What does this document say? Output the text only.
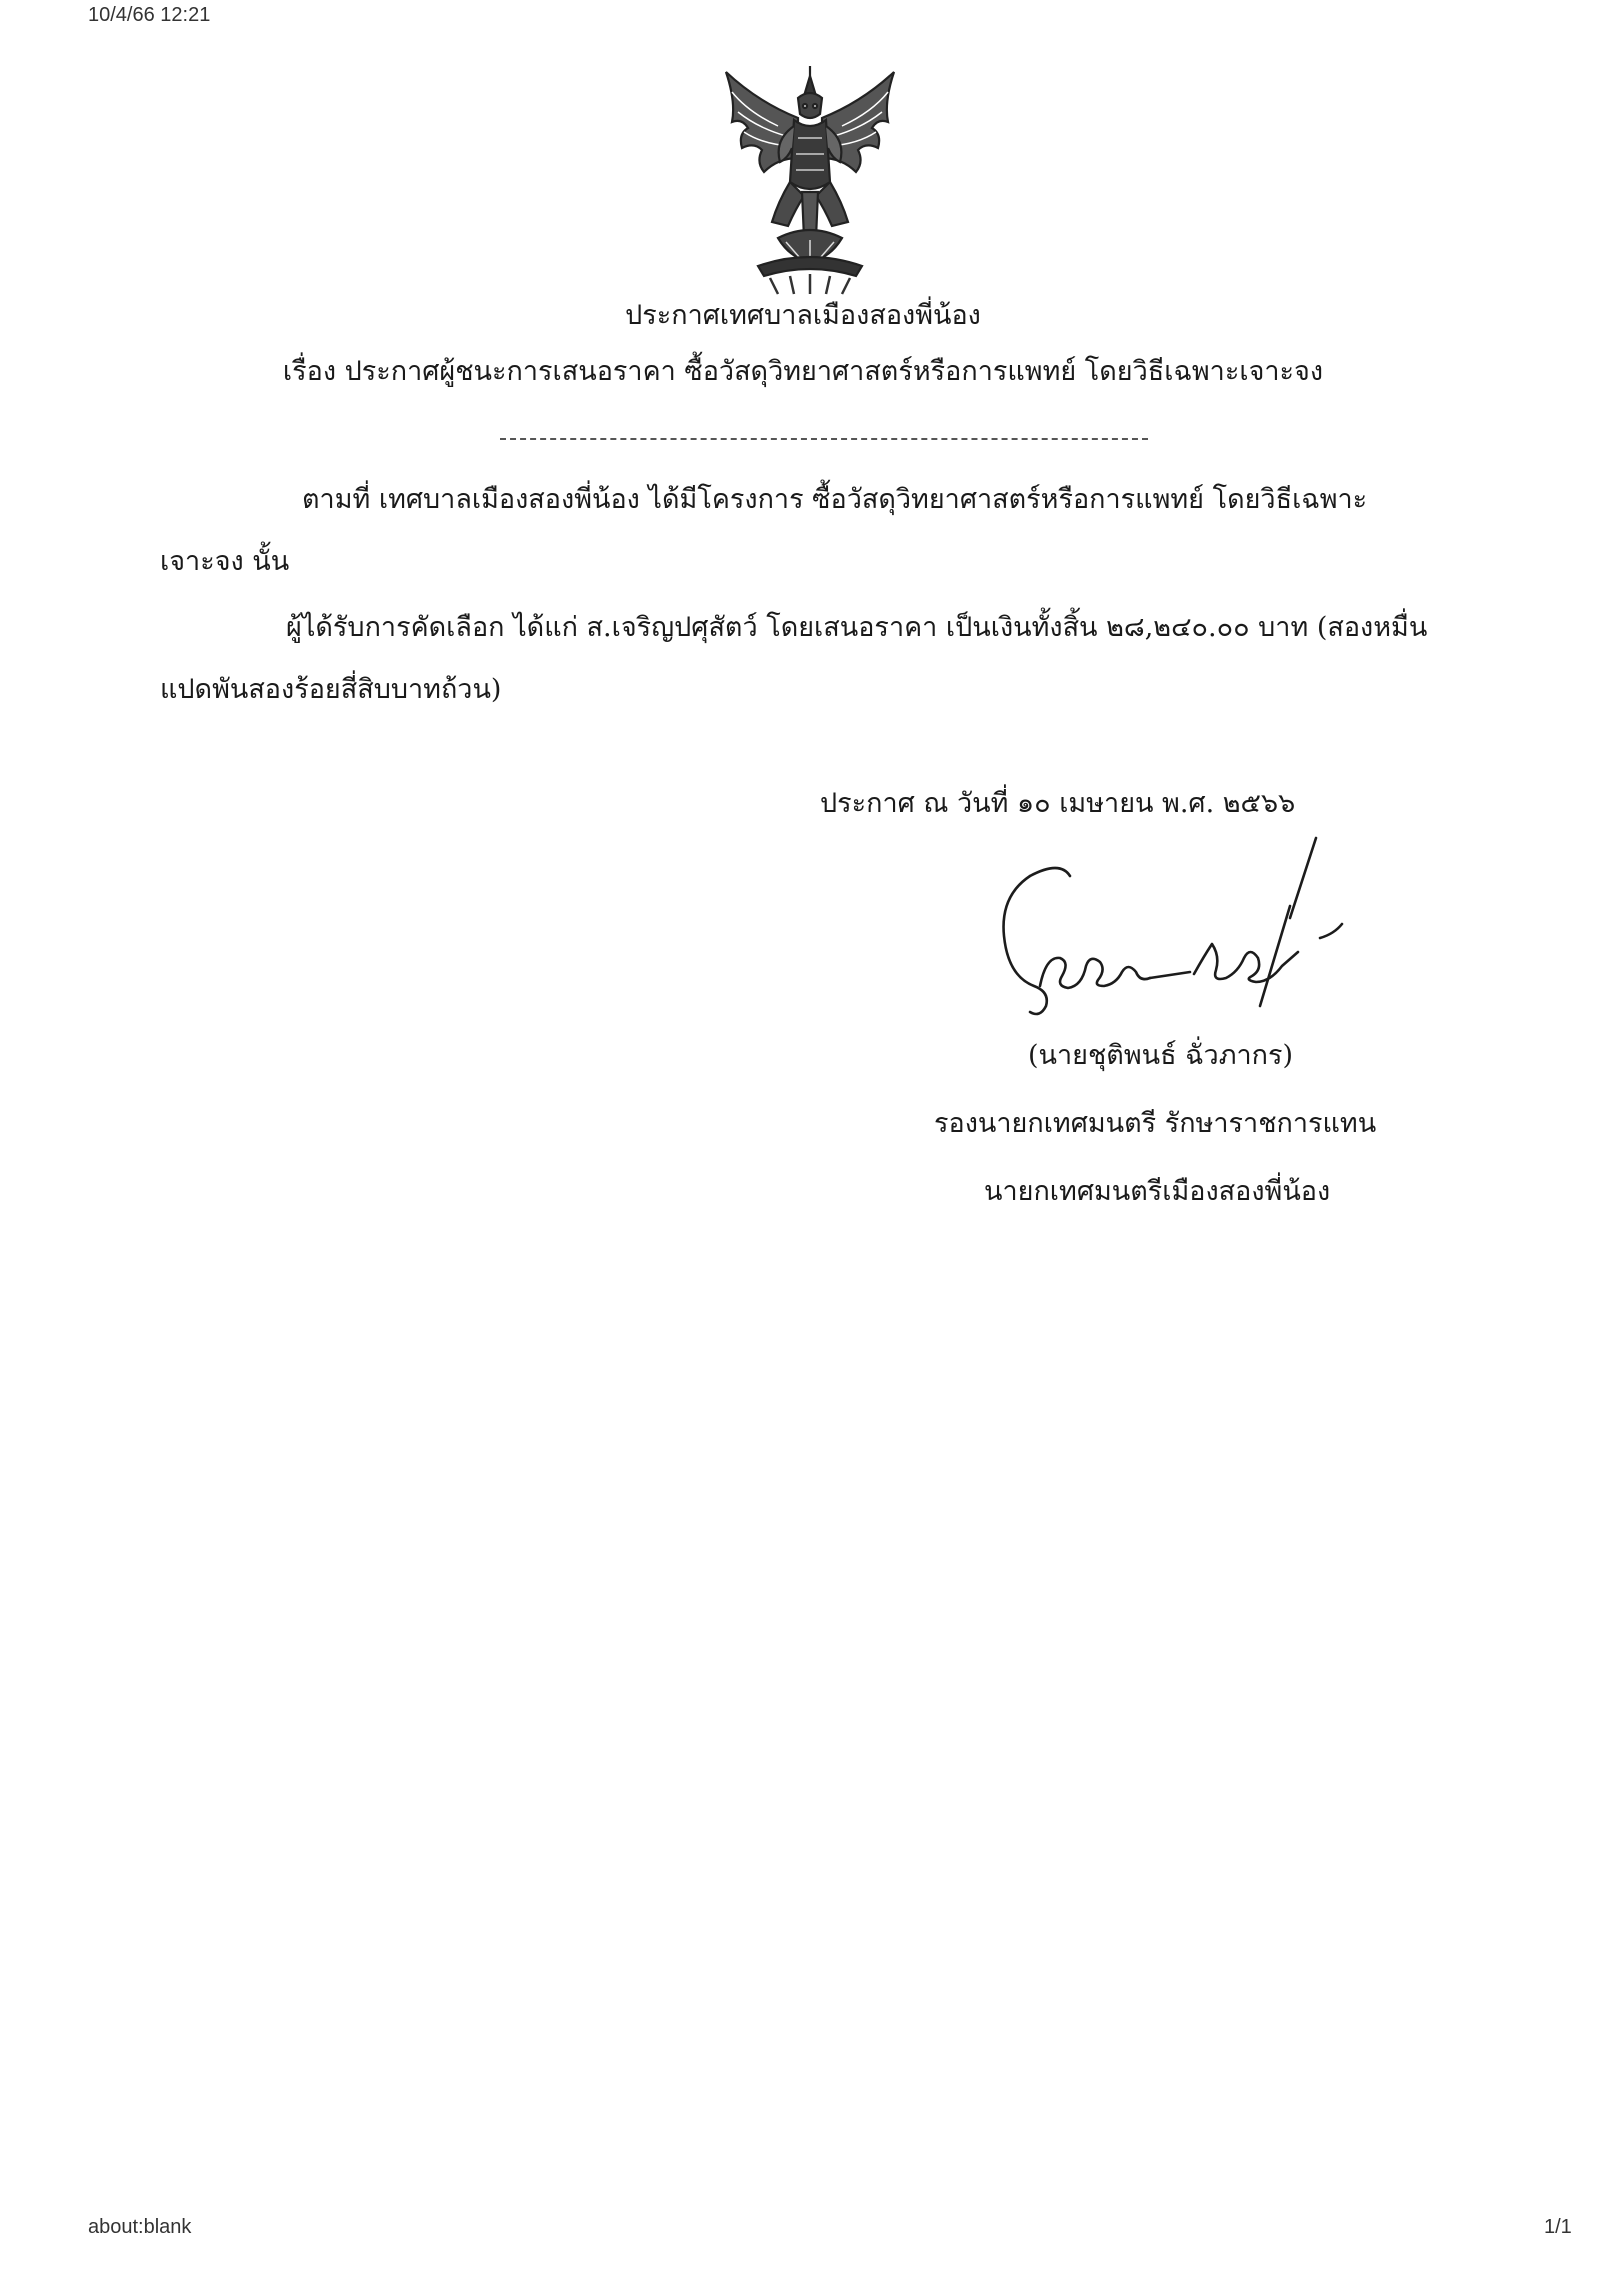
10/4/66 12:21
ประกาศเทศบาลเมืองสองพี่น้อง
เรื่อง ประกาศผู้ชนะการเสนอราคา ซื้อวัสดุวิทยาศาสตร์หรือการแพทย์ โดยวิธีเฉพาะเจาะจง
ตามที่ เทศบาลเมืองสองพี่น้อง ได้มีโครงการ ซื้อวัสดุวิทยาศาสตร์หรือการแพทย์ โดยวิธีเฉพาะ
เจาะจง นั้น
ผู้ได้รับการคัดเลือก ได้แก่ ส.เจริญปศุสัตว์ โดยเสนอราคา เป็นเงินทั้งสิ้น ๒๘,๒๔๐.๐๐ บาท (สองหมื่น
แปดพันสองร้อยสี่สิบบาทถ้วน)
ประกาศ ณ วันที่ ๑๐ เมษายน พ.ศ. ๒๕๖๖
(นายชุติพนธ์ ฉั่วภากร)
รองนายกเทศมนตรี รักษาราชการแทน
นายกเทศมนตรีเมืองสองพี่น้อง
about:blank	1/1
